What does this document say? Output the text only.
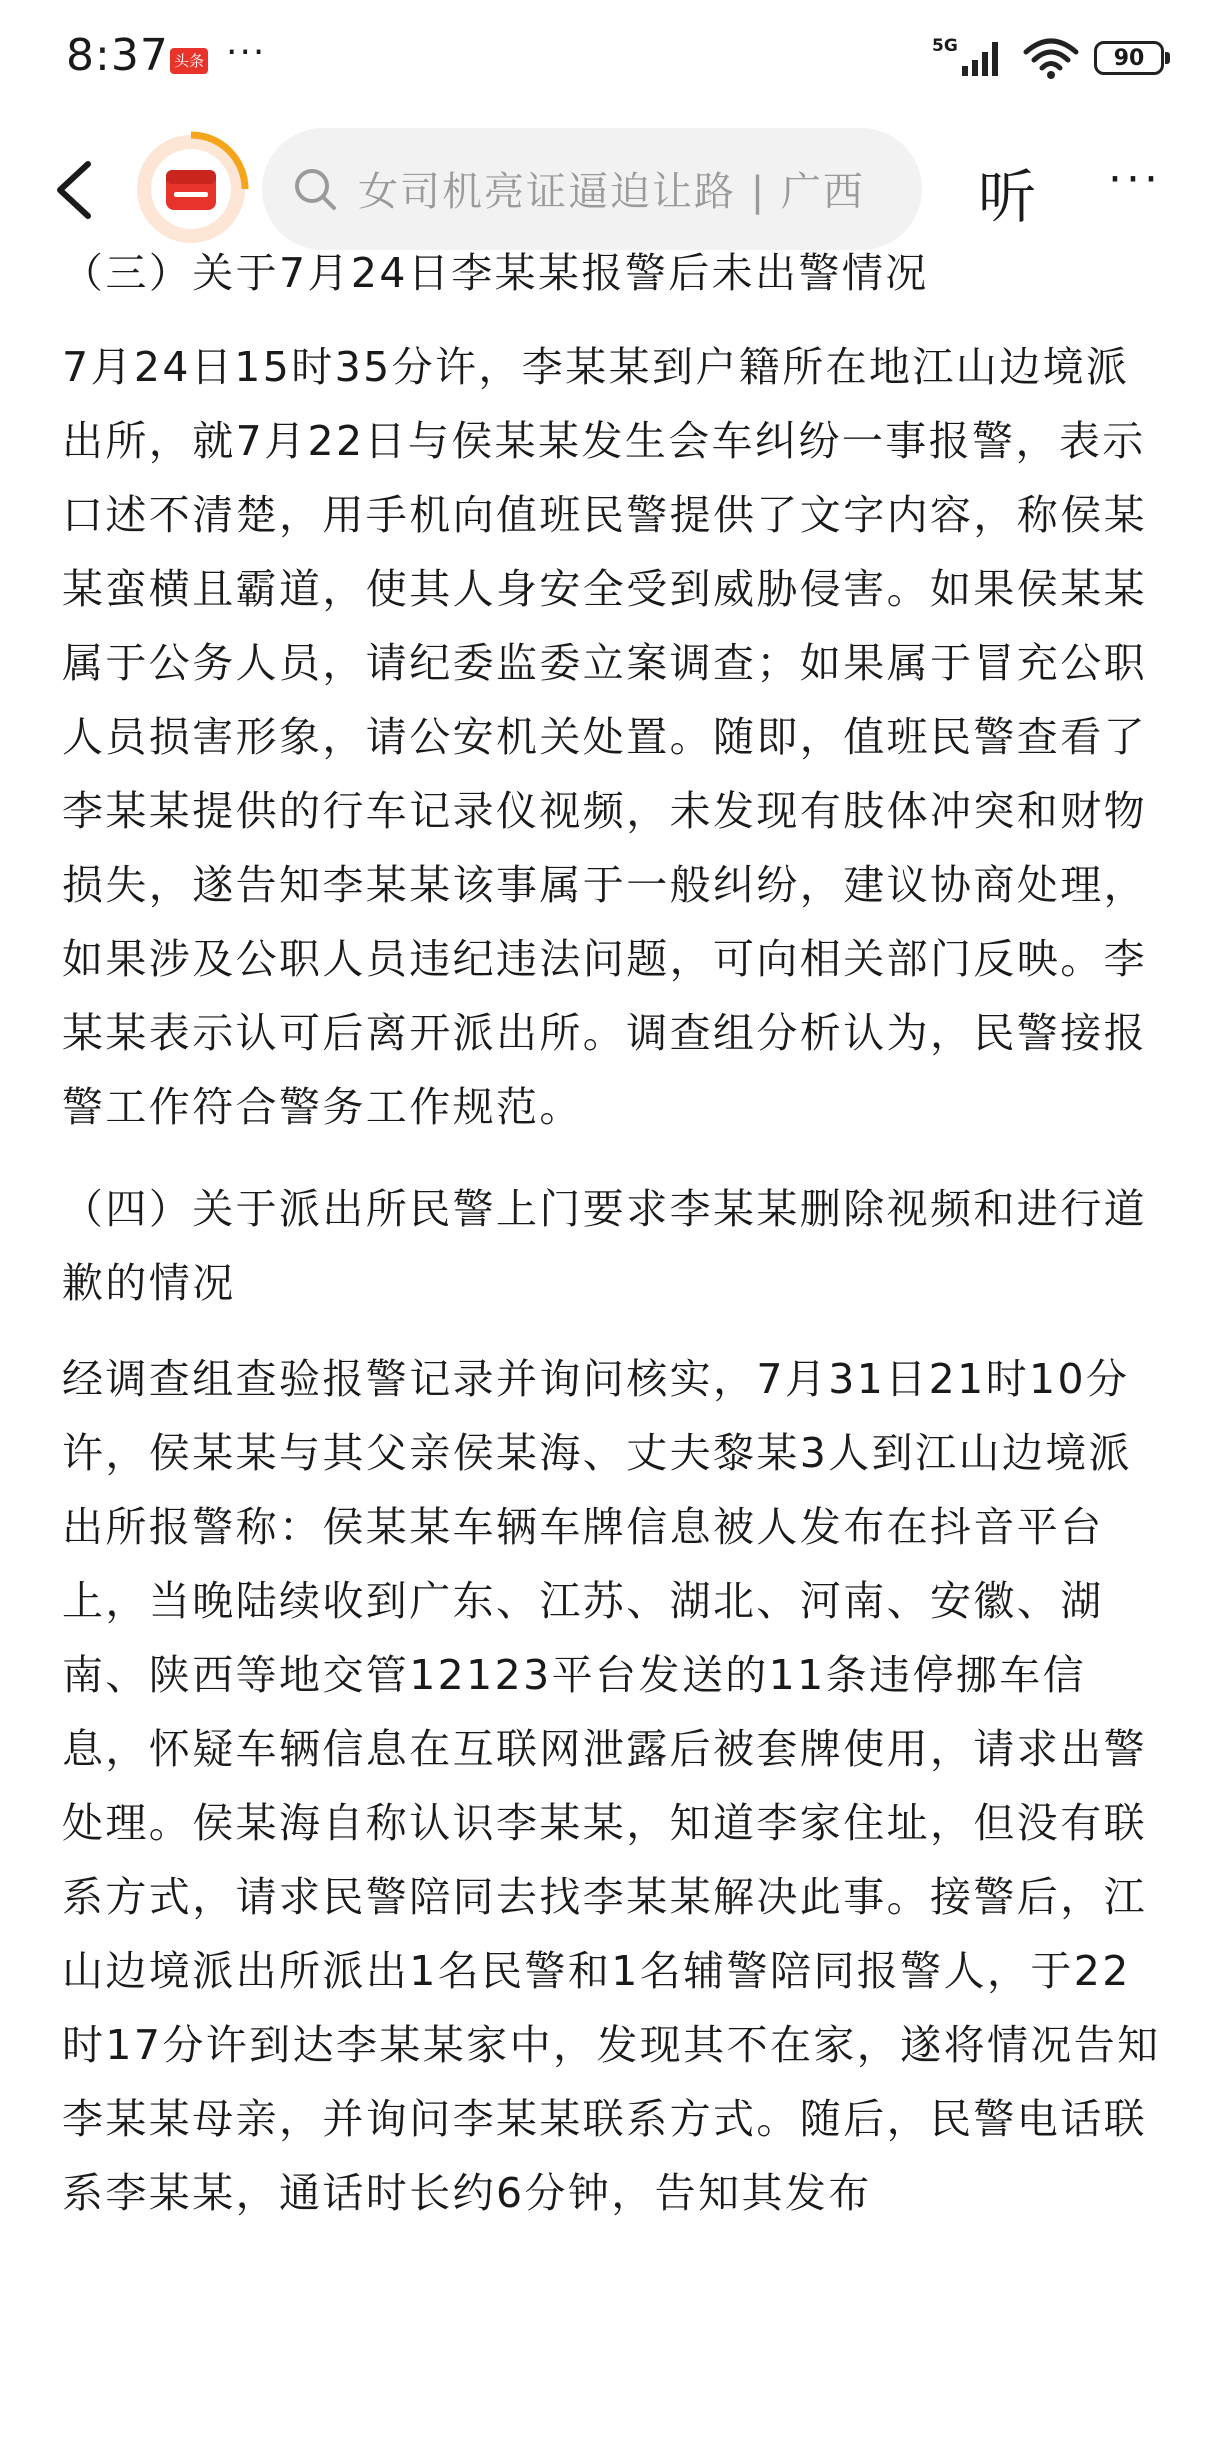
8:37 头条 ···	5G	90
女司机亮证逼迫让路 | 广西 听 ···

（三）关于7月24日李某某报警后未出警情况

7月24日15时35分许，李某某到户籍所在地江山边境派出所，就7月22日与侯某某发生会车纠纷一事报警，表示口述不清楚，用手机向值班民警提供了文字内容，称侯某某蛮横且霸道，使其人身安全受到威胁侵害。如果侯某某属于公务人员，请纪委监委立案调查；如果属于冒充公职人员损害形象，请公安机关处置。随即，值班民警查看了李某某提供的行车记录仪视频，未发现有肢体冲突和财物损失，遂告知李某某该事属于一般纠纷，建议协商处理，如果涉及公职人员违纪违法问题，可向相关部门反映。李某某表示认可后离开派出所。调查组分析认为，民警接报警工作符合警务工作规范。

（四）关于派出所民警上门要求李某某删除视频和进行道歉的情况

经调查组查验报警记录并询问核实，7月31日21时10分许，侯某某与其父亲侯某海、丈夫黎某3人到江山边境派出所报警称：侯某某车辆车牌信息被人发布在抖音平台上，当晚陆续收到广东、江苏、湖北、河南、安徽、湖南、陕西等地交管12123平台发送的11条违停挪车信息，怀疑车辆信息在互联网泄露后被套牌使用，请求出警处理。侯某海自称认识李某某，知道李家住址，但没有联系方式，请求民警陪同去找李某某解决此事。接警后，江山边境派出所派出1名民警和1名辅警陪同报警人，于22时17分许到达李某某家中，发现其不在家，遂将情况告知李某某母亲，并询问李某某联系方式。随后，民警电话联系李某某，通话时长约6分钟，告知其发布
